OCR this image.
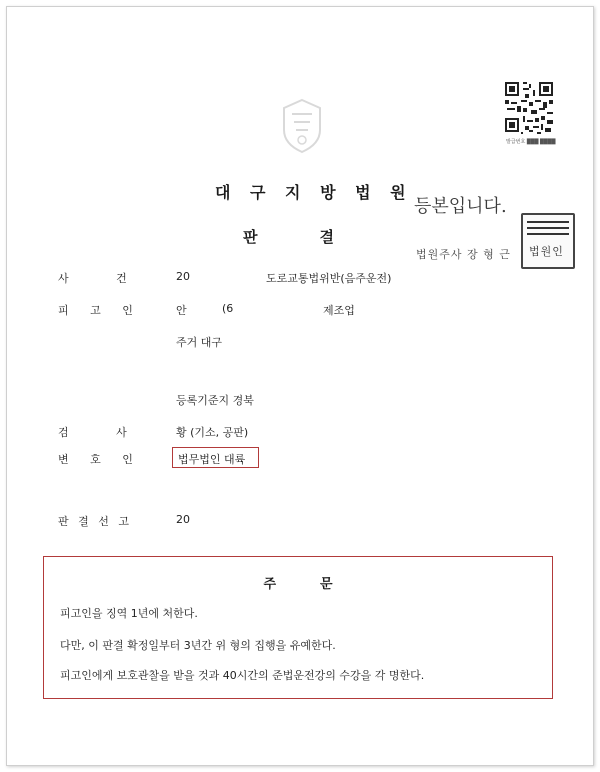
발급번호 ███ ████
대 구 지 방 법 원
등본입니다.
법원인
법원주사 장 형 근
판	결
사 건 20	도로교통법위반(음주운전)
피 고 인	안	(6	제조업
주거 대구
등록기준지 경북
검 사 황 (기소, 공판)
변 호 인	법무법인 대륙
판 결 선 고	20
주	문
피고인을 징역 1년에 처한다.
다만, 이 판결 확정일부터 3년간 위 형의 집행을 유예한다.
피고인에게 보호관찰을 받을 것과 40시간의 준법운전강의 수강을 각 명한다.
